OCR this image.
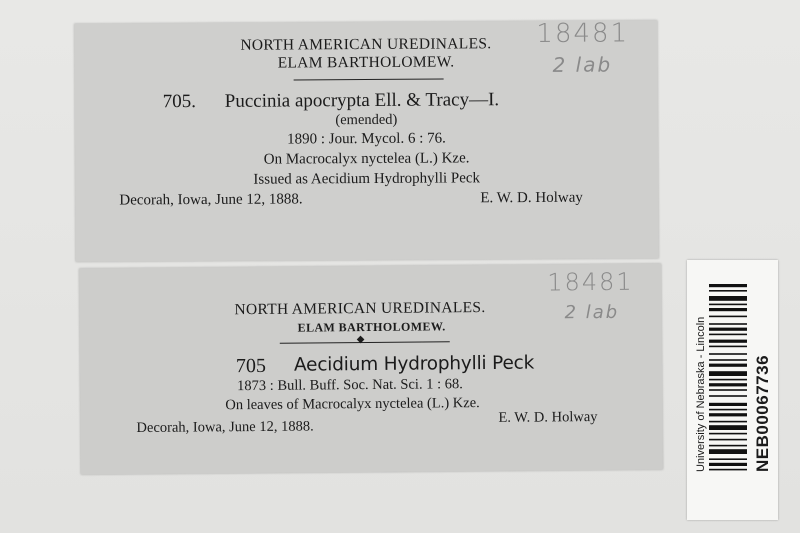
NORTH AMERICAN UREDINALES.
ELAM BARTHOLOMEW.
18481
2 lab
705. Puccinia apocrypta Ell. & Tracy—I.
(emended)
1890 : Jour. Mycol. 6 : 76.
On Macrocalyx nyctelea (L.) Kze.
Issued as Aecidium Hydrophylli Peck
Decorah, Iowa, June 12, 1888.	E. W. D. Holway
NORTH AMERICAN UREDINALES.
ELAM BARTHOLOMEW.
◆
18481
2 lab
705 Aecidium Hydrophylli Peck
1873 : Bull. Buff. Soc. Nat. Sci. 1 : 68.
On leaves of Macrocalyx nyctelea (L.) Kze.
Decorah, Iowa, June 12, 1888.
E. W. D. Holway	University of Nebraska - Lincoln	NEB00067736
